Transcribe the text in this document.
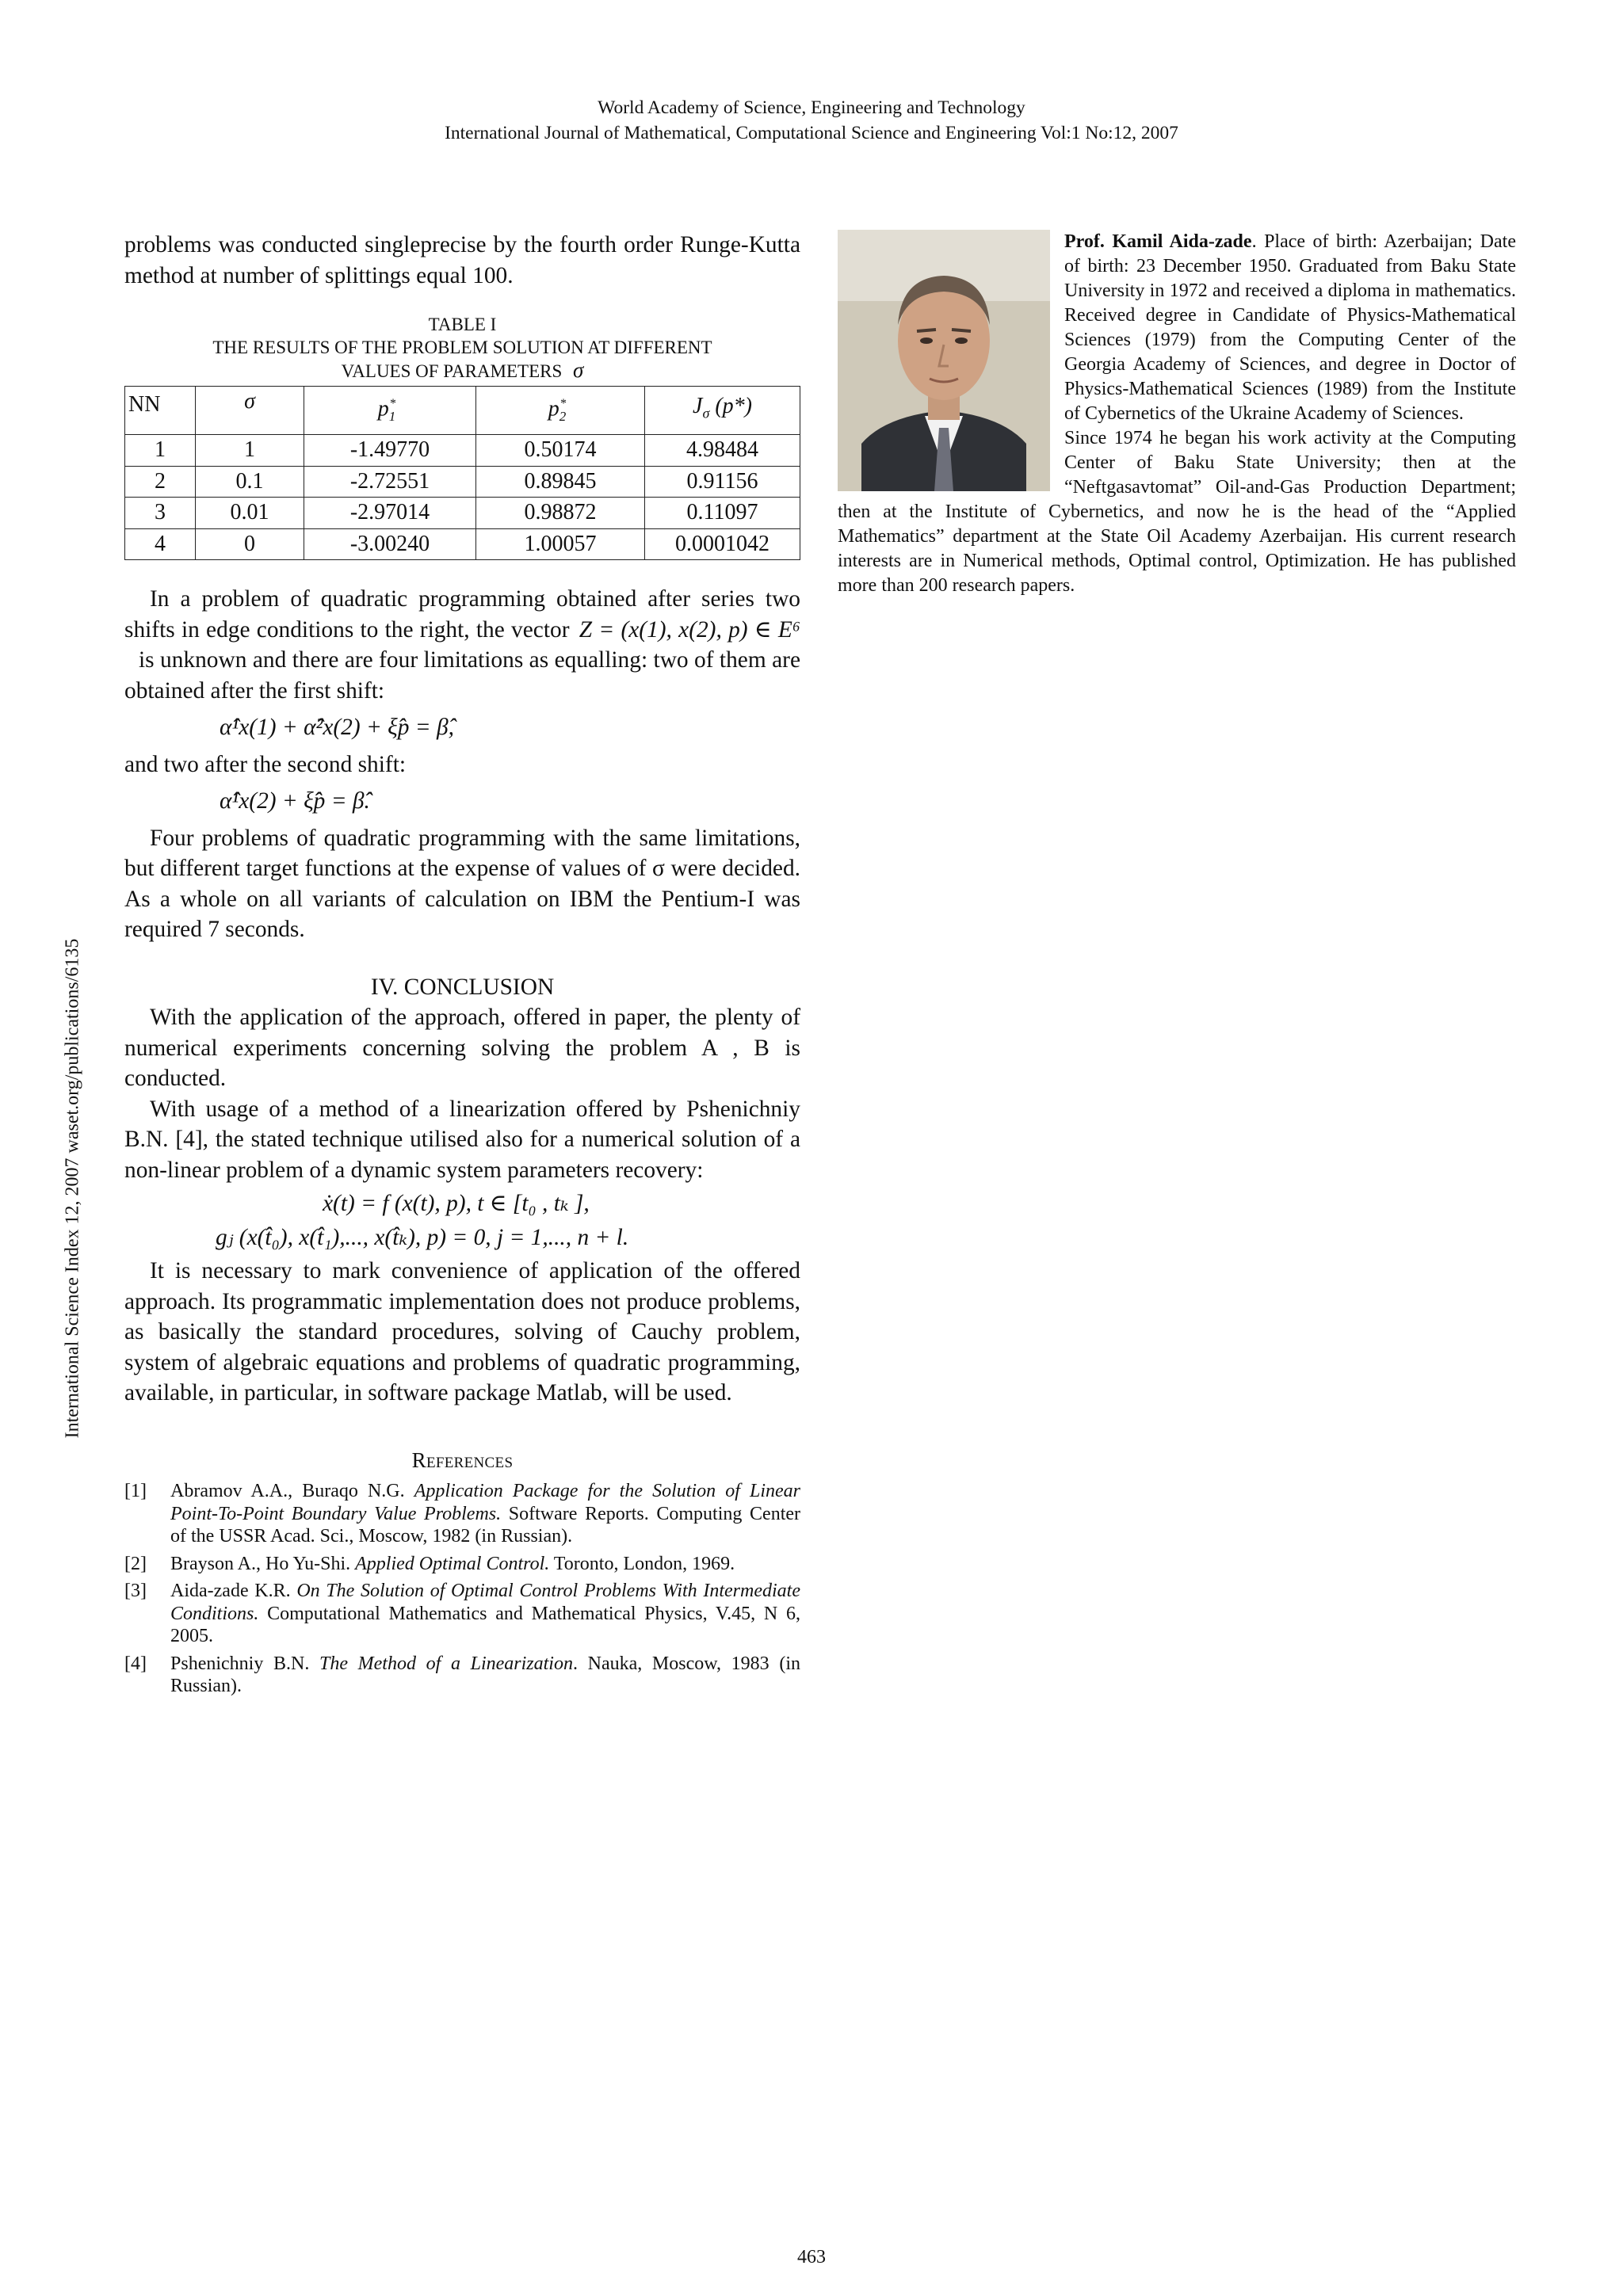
World Academy of Science, Engineering and Technology
International Journal of Mathematical, Computational Science and Engineering Vol:1 No:12, 2007
International Science Index 12, 2007 waset.org/publications/6135

problems was conducted singleprecise by the fourth order Runge-Kutta method at number of splittings equal 100.

TABLE I
THE RESULTS OF THE PROBLEM SOLUTION AT DIFFERENT
VALUES OF PARAMETERS σ
NN	σ	$p_1^*$	$p_2^*$	$J_\sigma$ (p*)
1	1	-1.49770	0.50174	4.98484
2	0.1	-2.72551	0.89845	0.91156
3	0.01	-2.97014	0.98872	0.11097
4	0	-3.00240	1.00057	0.0001042

In a problem of quadratic programming obtained after series two shifts in edge conditions to the right, the vector Z = (x(1), x(2), p) ∈ E⁶ is unknown and there are four limitations as equalling: two of them are obtained after the first shift:

α̂¹x(1) + α̂²x(2) + ξ̂p = β̂,

and two after the second shift:

α̂̂¹x(2) + ξ̂̂p = β̂̂.

Four problems of quadratic programming with the same limitations, but different target functions at the expense of values of σ were decided. As a whole on all variants of calculation on IBM the Pentium-I was required 7 seconds.

IV. CONCLUSION

With the application of the approach, offered in paper, the plenty of numerical experiments concerning solving the problem A , B is conducted.

With usage of a method of a linearization offered by Pshenichniy B.N. [4], the stated technique utilised also for a numerical solution of a non-linear problem of a dynamic system parameters recovery:

ẋ(t) = f (x(t), p), t ∈ [t₀ , tₖ ],
gⱼ (x(t̂₀), x(t̂₁),..., x(t̂ₖ), p) = 0, j = 1,..., n + l.

It is necessary to mark convenience of application of the offered approach. Its programmatic implementation does not produce problems, as basically the standard procedures, solving of Cauchy problem, system of algebraic equations and problems of quadratic programming, available, in particular, in software package Matlab, will be used.

References
[1]	Abramov A.A., Buraqo N.G. Application Package for the Solution of Linear Point-To-Point Boundary Value Problems. Software Reports. Computing Center of the USSR Acad. Sci., Moscow, 1982 (in Russian).
[2]	Brayson A., Ho Yu-Shi. Applied Optimal Control. Toronto, London, 1969.
[3]	Aida-zade K.R. On The Solution of Optimal Control Problems With Intermediate Conditions. Computational Mathematics and Mathematical Physics, V.45, N 6, 2005.
[4]	Pshenichniy B.N. The Method of a Linearization. Nauka, Moscow, 1983 (in Russian).

Prof. Kamil Aida-zade. Place of birth: Azerbaijan; Date of birth: 23 December 1950. Graduated from Baku State University in 1972 and received a diploma in mathematics. Received degree in Candidate of Physics-Mathematical Sciences (1979) from the Computing Center of the Georgia Academy of Sciences, and degree in Doctor of Physics-Mathematical Sciences (1989) from the Institute of Cybernetics of the Ukraine Academy of Sciences.

Since 1974 he began his work activity at the Computing Center of Baku State University; then at the “Neftgasavtomat” Oil-and-Gas Production Department; then at the Institute of Cybernetics, and now he is the head of the “Applied Mathematics” department at the State Oil Academy Azerbaijan. His current research interests are in Numerical methods, Optimal control, Optimization. He has published more than 200 research papers.

463
